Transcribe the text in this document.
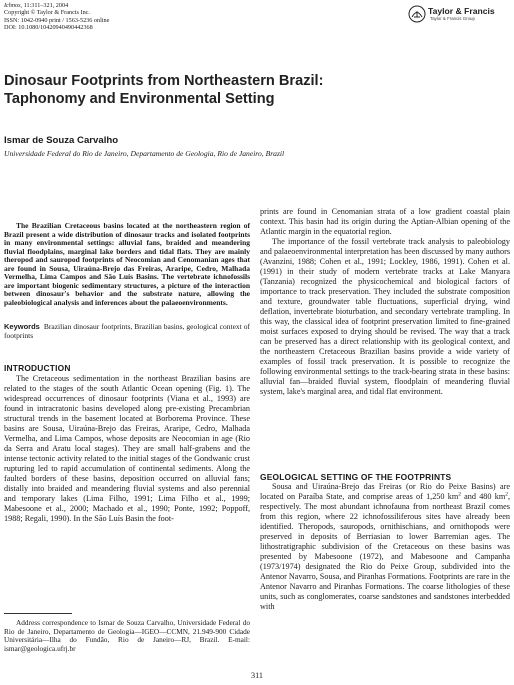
Ichnos, 11:311–321, 2004
Copyright © Taylor & Francis Inc.
ISSN: 1042-0940 print / 1563-5236 online
DOI: 10.1080/10420940490442368
Taylor & Francis
Taylor & Francis Group
Dinosaur Footprints from Northeastern Brazil:
Taphonomy and Environmental Setting
Ismar de Souza Carvalho
Universidade Federal do Rio de Janeiro, Departamento de Geologia, Rio de Janeiro, Brazil
The Brazilian Cretaceous basins located at the northeastern region of Brazil present a wide distribution of dinosaur tracks and isolated footprints in many environmental settings: alluvial fans, braided and meandering fluvial floodplains, marginal lake borders and tidal flats. They are mainly theropod and sauropod footprints of Neocomian and Cenomanian ages that are found in Sousa, Uiraúna-Brejo das Freiras, Araripe, Cedro, Malhada Vermelha, Lima Campos and São Luís Basins. The vertebrate ichnofossils are important biogenic sedimentary structures, a picture of the interaction between dinosaur's behavior and the substrate nature, allowing the paleobiological analysis and inferences about the palaeoenvironments.
Keywords Brazilian dinosaur footprints, Brazilian basins, geological context of footprints
INTRODUCTION
The Cretaceous sedimentation in the northeast Brazilian basins are related to the stages of the south Atlantic Ocean opening (Fig. 1). The widespread occurrences of dinosaur footprints (Viana et al., 1993) are found in intracratonic basins developed along pre-existing Precambrian structural trends in the basement located at Borborema Province. These basins are Sousa, Uiraúna-Brejo das Freiras, Araripe, Cedro, Malhada Vermelha, and Lima Campos, whose deposits are Neocomian in age (Rio da Serra and Aratu local stages). They are small half-grabens and the intense tectonic activity related to the initial stages of the Gondwanic crust rupturing led to rapid accumulation of continental sediments. Along the faulted borders of these basins, deposition occurred on alluvial fans; distally into braided and meandering fluvial systems and also perennial and temporary lakes (Lima Filho, 1991; Lima Filho et al., 1999; Mabesoone et al., 2000; Machado et al., 1990; Ponte, 1992; Poppoff, 1988; Regali, 1990). In the São Luís Basin the foot-
Address correspondence to Ismar de Souza Carvalho, Universidade Federal do Rio de Janeiro, Departamento de Geologia—IGEO—CCMN, 21.949-900 Cidade Universitária—Ilha do Fundão, Rio de Janeiro—RJ, Brazil. E-mail: ismar@geologica.ufrj.br

prints are found in Cenomanian strata of a low gradient coastal plain context. This basin had its origin during the Aptian-Albian opening of the Atlantic margin in the equatorial region.

The importance of the fossil vertebrate track analysis to paleobiology and palaeoenvironmental interpretation has been discussed by many authors (Avanzini, 1988; Cohen et al., 1991; Lockley, 1986, 1991). Cohen et al. (1991) in their study of modern vertebrate tracks at Lake Manyara (Tanzania) recognized the physicochemical and biological factors of importance to track preservation. They included the substrate composition and texture, groundwater table fluctuations, superficial drying, wind deflation, invertebrate bioturbation, and secondary vertebrate trampling. In this way, the classical idea of footprint preservation limited to fine-grained moist surfaces exposed to drying should be revised. The way that a track can be preserved has a direct relationship with its geological context, and the northeastern Cretaceous Brazilian basins provide a wide variety of examples of fossil track preservation. It is possible to recognize the following environmental settings to the track-bearing strata in these basins: alluvial fan—braided fluvial system, floodplain of meandering fluvial system, lake's marginal area, and tidal flat environment.

GEOLOGICAL SETTING OF THE FOOTPRINTS
Sousa and Uiraúna-Brejo das Freiras (or Rio do Peixe Basins) are located on Paraíba State, and comprise areas of 1,250 $km^2$ and 480 $km^2$, respectively. The most abundant ichnofauna from northeast Brazil comes from this region, where 22 ichnofossiliferous sites have already been identified. Theropods, sauropods, ornithischians, and ornithopods were preserved in deposits of Berriasian to lower Barremian ages. The lithostratigraphic subdivision of the Cretaceous on these basins was presented by Mabesoone (1972), and Mabesoone and Campanha (1973/1974) designated the Rio do Peixe Group, subdivided into the Antenor Navarro, Sousa, and Piranhas Formations. Footprints are rare in the Antenor Navarro and Piranhas Formations. The coarse lithologies of these units, such as conglomerates, coarse sandstones and sandstones interbedded with
311
